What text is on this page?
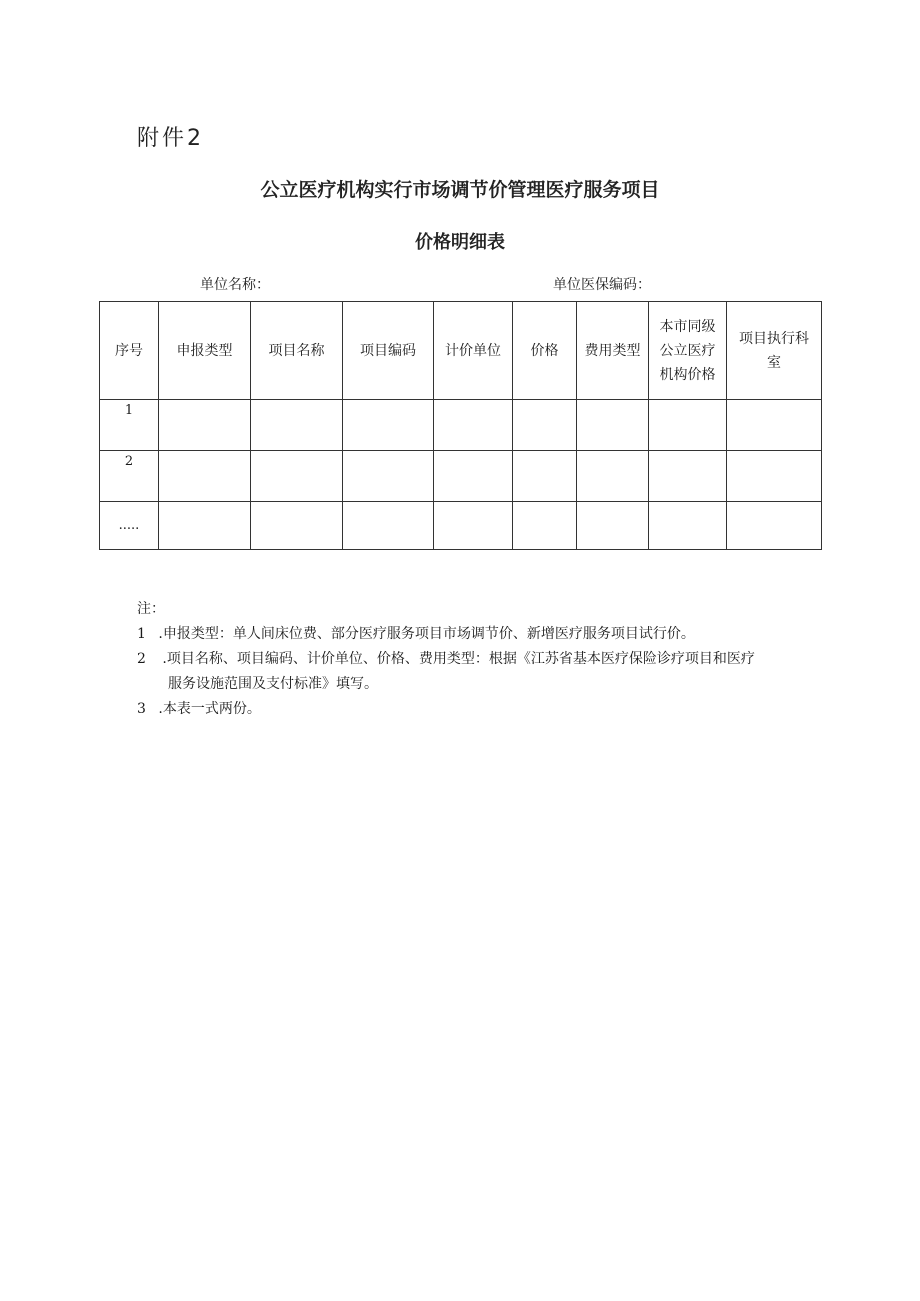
附件2
公立医疗机构实行市场调节价管理医疗服务项目
价格明细表
单位名称：	单位医保编码：
序号	申报类型	项目名称	项目编码	计价单位	价格	费用类型	本市同级公立医疗机构价格	项目执行科室
1								
2								
.....								
注：
1 .申报类型：单人间床位费、部分医疗服务项目市场调节价、新增医疗服务项目试行价。
2 .项目名称、项目编码、计价单位、价格、费用类型：根据《江苏省基本医疗保险诊疗项目和医疗
服务设施范围及支付标准》填写。
3 .本表一式两份。
